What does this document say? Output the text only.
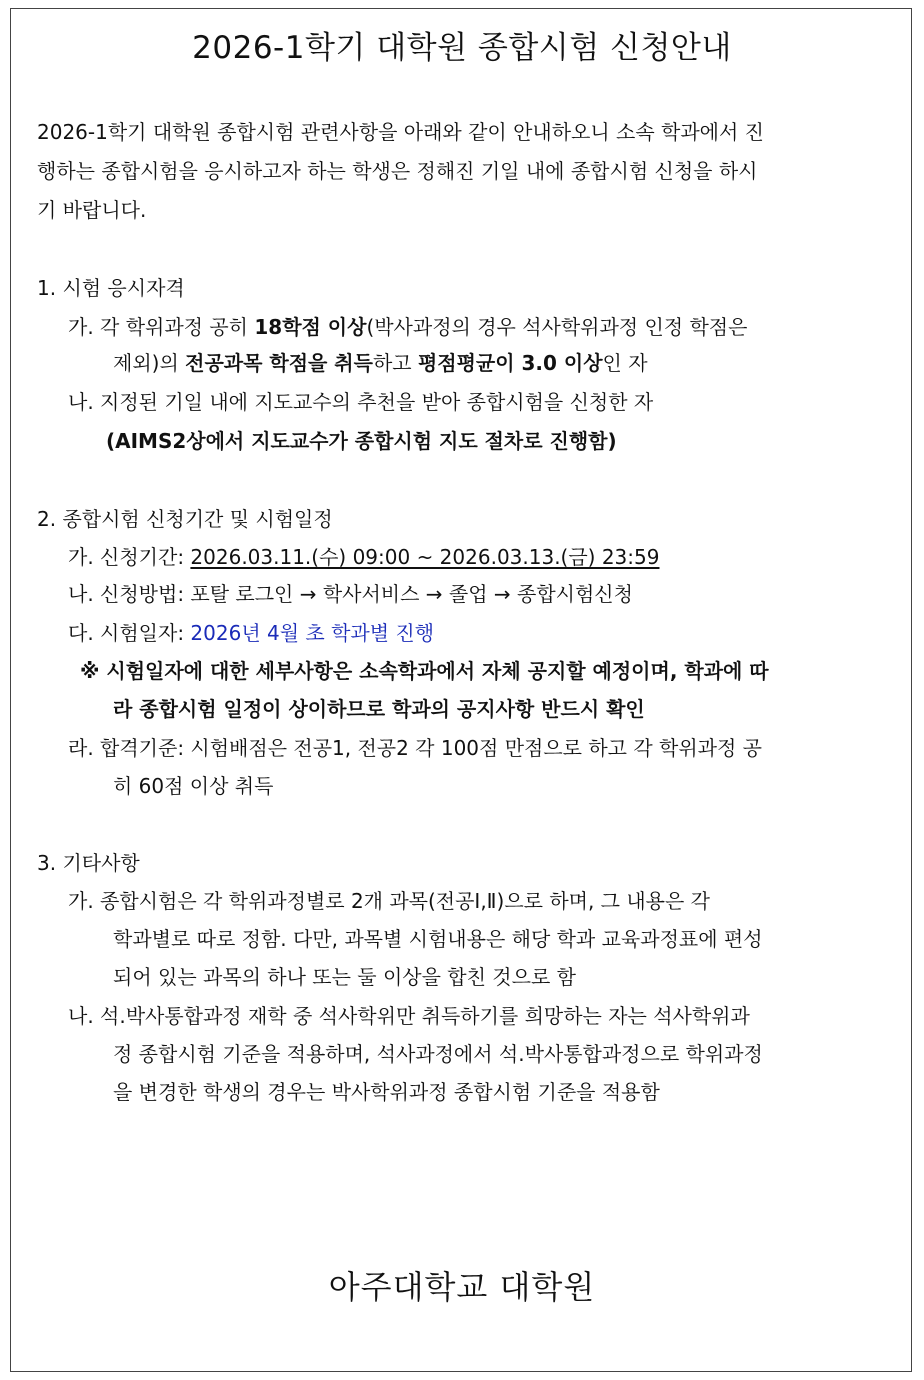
2026-1학기 대학원 종합시험 신청안내
2026-1학기 대학원 종합시험 관련사항을 아래와 같이 안내하오니 소속 학과에서 진
행하는 종합시험을 응시하고자 하는 학생은 정해진 기일 내에 종합시험 신청을 하시
기 바랍니다.
1. 시험 응시자격
가. 각 학위과정 공히 18학점 이상(박사과정의 경우 석사학위과정 인정 학점은
제외)의 전공과목 학점을 취득하고 평점평균이 3.0 이상인 자
나. 지정된 기일 내에 지도교수의 추천을 받아 종합시험을 신청한 자
(AIMS2상에서 지도교수가 종합시험 지도 절차로 진행함)
2. 종합시험 신청기간 및 시험일정
가. 신청기간: 2026.03.11.(수) 09:00 ~ 2026.03.13.(금) 23:59
나. 신청방법: 포탈 로그인 → 학사서비스 → 졸업 → 종합시험신청
다. 시험일자: 2026년 4월 초 학과별 진행
※ 시험일자에 대한 세부사항은 소속학과에서 자체 공지할 예정이며, 학과에 따
라 종합시험 일정이 상이하므로 학과의 공지사항 반드시 확인
라. 합격기준: 시험배점은 전공1, 전공2 각 100점 만점으로 하고 각 학위과정 공
히 60점 이상 취득
3. 기타사항
가. 종합시험은 각 학위과정별로 2개 과목(전공Ⅰ,Ⅱ)으로 하며, 그 내용은 각
학과별로 따로 정함. 다만, 과목별 시험내용은 해당 학과 교육과정표에 편성
되어 있는 과목의 하나 또는 둘 이상을 합친 것으로 함
나. 석.박사통합과정 재학 중 석사학위만 취득하기를 희망하는 자는 석사학위과
정 종합시험 기준을 적용하며, 석사과정에서 석.박사통합과정으로 학위과정
을 변경한 학생의 경우는 박사학위과정 종합시험 기준을 적용함
아주대학교 대학원
